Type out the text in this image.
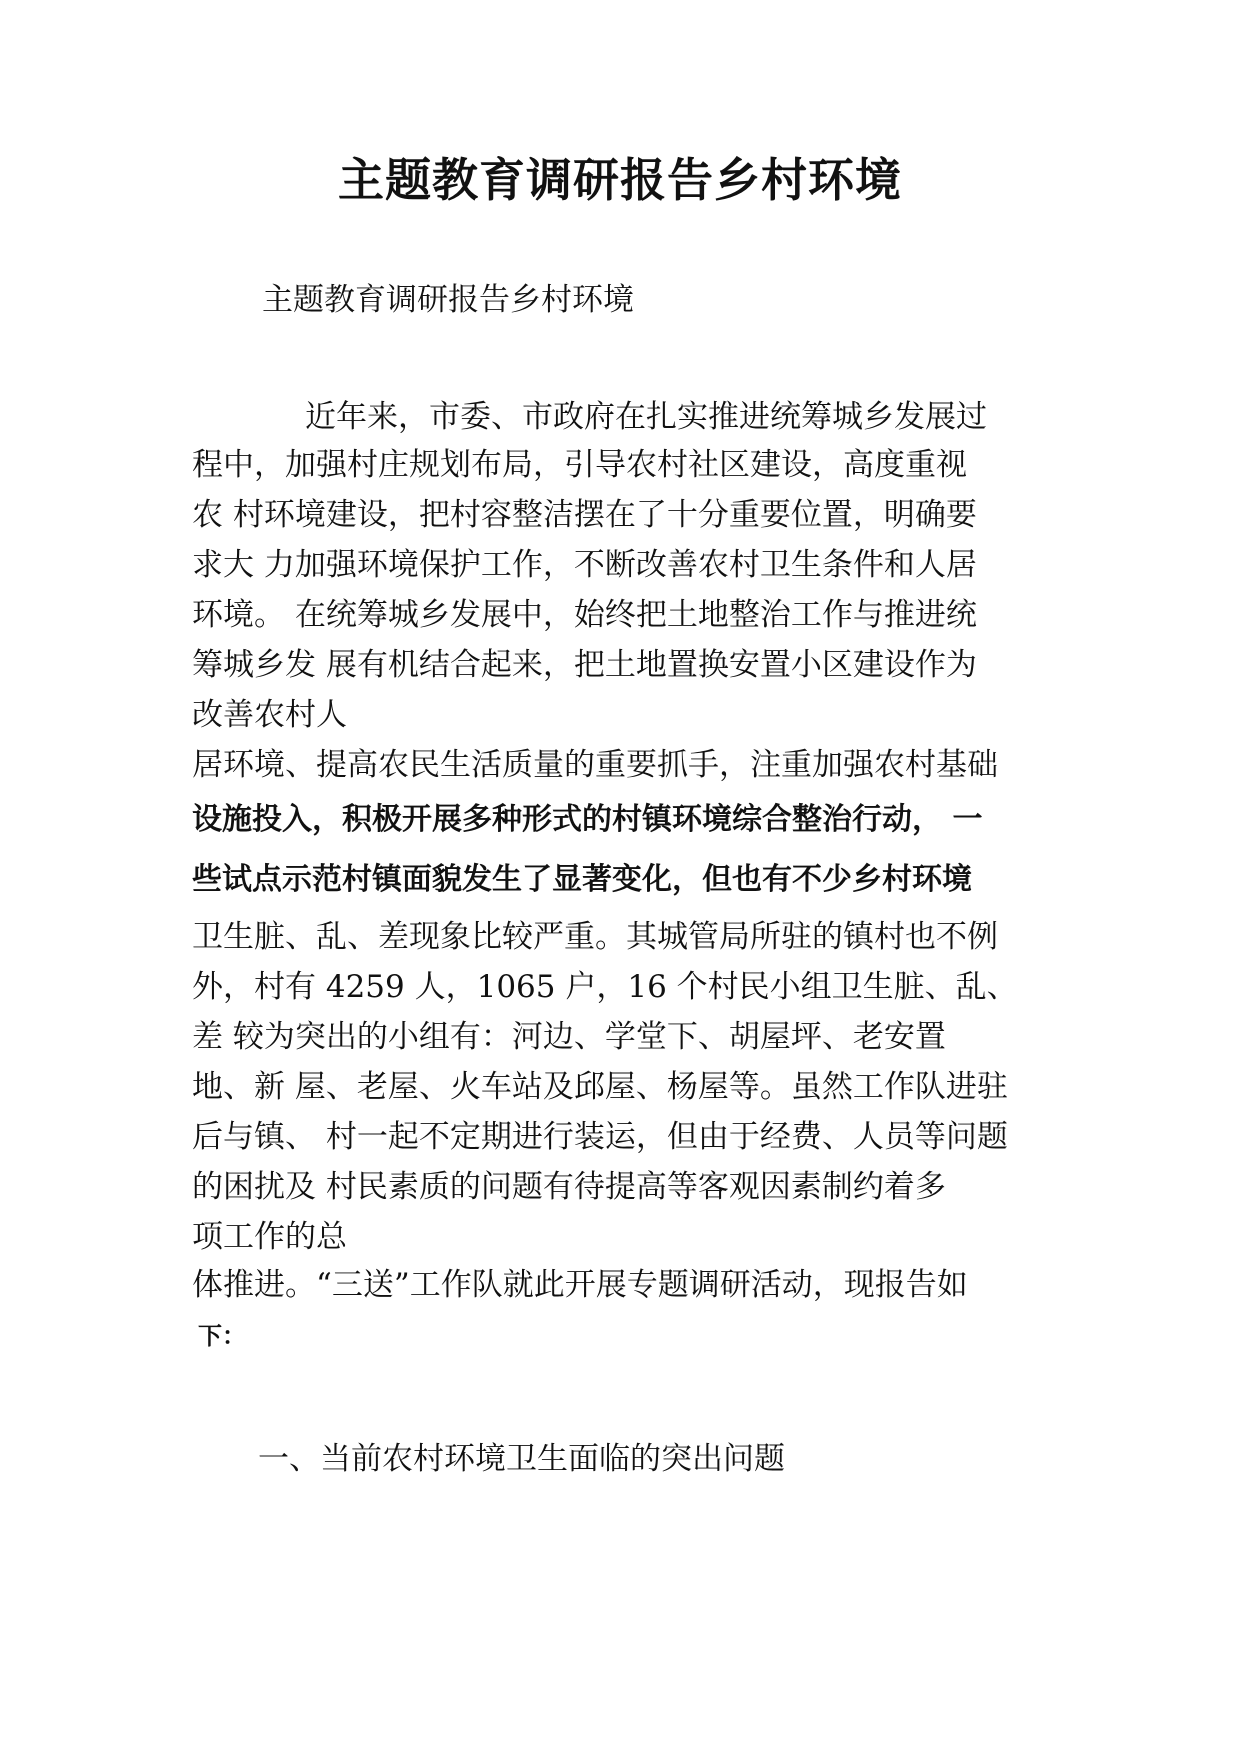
主题教育调研报告乡村环境
主题教育调研报告乡村环境
近年来，市委、市政府在扎实推进统筹城乡发展过
程中，加强村庄规划布局，引导农村社区建设，高度重视
农 村环境建设，把村容整洁摆在了十分重要位置，明确要
求大 力加强环境保护工作，不断改善农村卫生条件和人居
环境。 在统筹城乡发展中，始终把土地整治工作与推进统
筹城乡发 展有机结合起来，把土地置换安置小区建设作为
改善农村人
居环境、提高农民生活质量的重要抓手，注重加强农村基础
设施投入，积极开展多种形式的村镇环境综合整治行动， 一
些试点示范村镇面貌发生了显著变化，但也有不少乡村环境
卫生脏、乱、差现象比较严重。其城管局所驻的镇村也不例
外，村有 4259 人，1065 户，16 个村民小组卫生脏、乱、
差 较为突出的小组有：河边、学堂下、胡屋坪、老安置
地、新 屋、老屋、火车站及邱屋、杨屋等。虽然工作队进驻
后与镇、 村一起不定期进行装运，但由于经费、人员等问题
的困扰及 村民素质的问题有待提高等客观因素制约着多
项工作的总
体推进。“三送”工作队就此开展专题调研活动，现报告如
下：
一、当前农村环境卫生面临的突出问题
